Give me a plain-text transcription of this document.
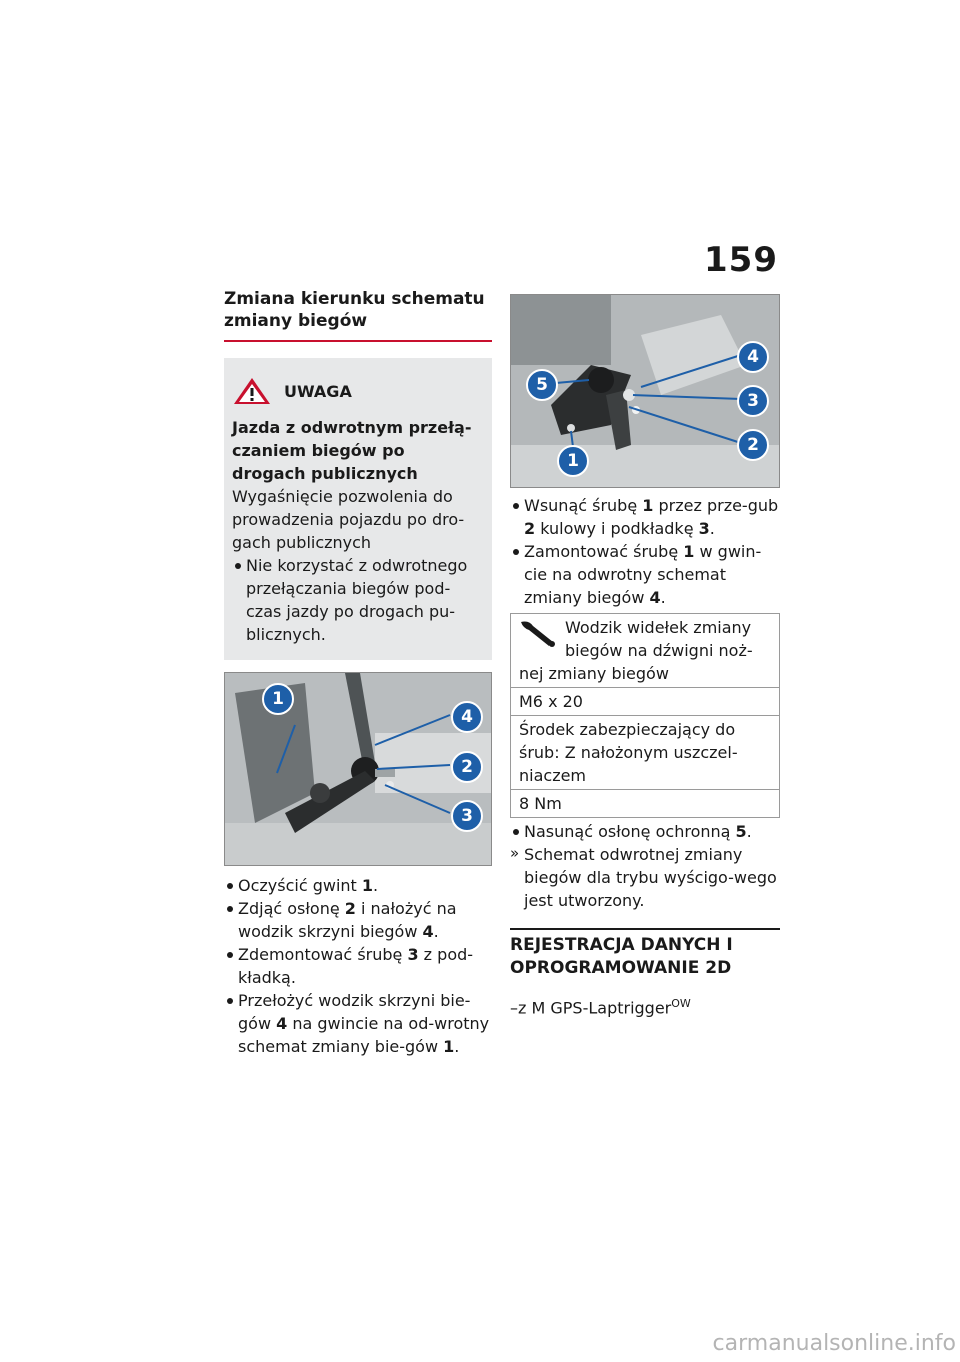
159
Zmiana kierunku schematu zmiany biegów
UWAGA
Jazda z odwrotnym przełą-czaniem biegów po drogach publicznych
Wygaśnięcie pozwolenia do prowadzenia pojazdu po dro-gach publicznych
Nie korzystać z odwrotnego przełączania biegów pod-czas jazdy po drogach pu-blicznych.
1
4
2
3
Oczyścić gwint 1.
Zdjąć osłonę 2 i nałożyć na wodzik skrzyni biegów 4.
Zdemontować śrubę 3 z pod-kładką.
Przełożyć wodzik skrzyni bie-gów 4 na gwincie na od-wrotny schemat zmiany bie-gów 1.
5
4
3
2
1
Wsunąć śrubę 1 przez prze-gub 2 kulowy i podkładkę 3.
Zamontować śrubę 1 w gwin-cie na odwrotny schemat zmiany biegów 4.
Wodzik widełek zmiany biegów na dźwigni noż-nej zmiany biegów
M6 x 20
Środek zabezpieczający do śrub: Z nałożonym uszczel-niaczem
8 Nm
Nasunąć osłonę ochronną 5.
» Schemat odwrotnej zmiany biegów dla trybu wyścigo-wego jest utworzony.
REJESTRACJA DANYCH I OPROGRAMOWANIE 2D
–z M GPS-Laptrigger$^{OW}$
carmanualsonline.info
